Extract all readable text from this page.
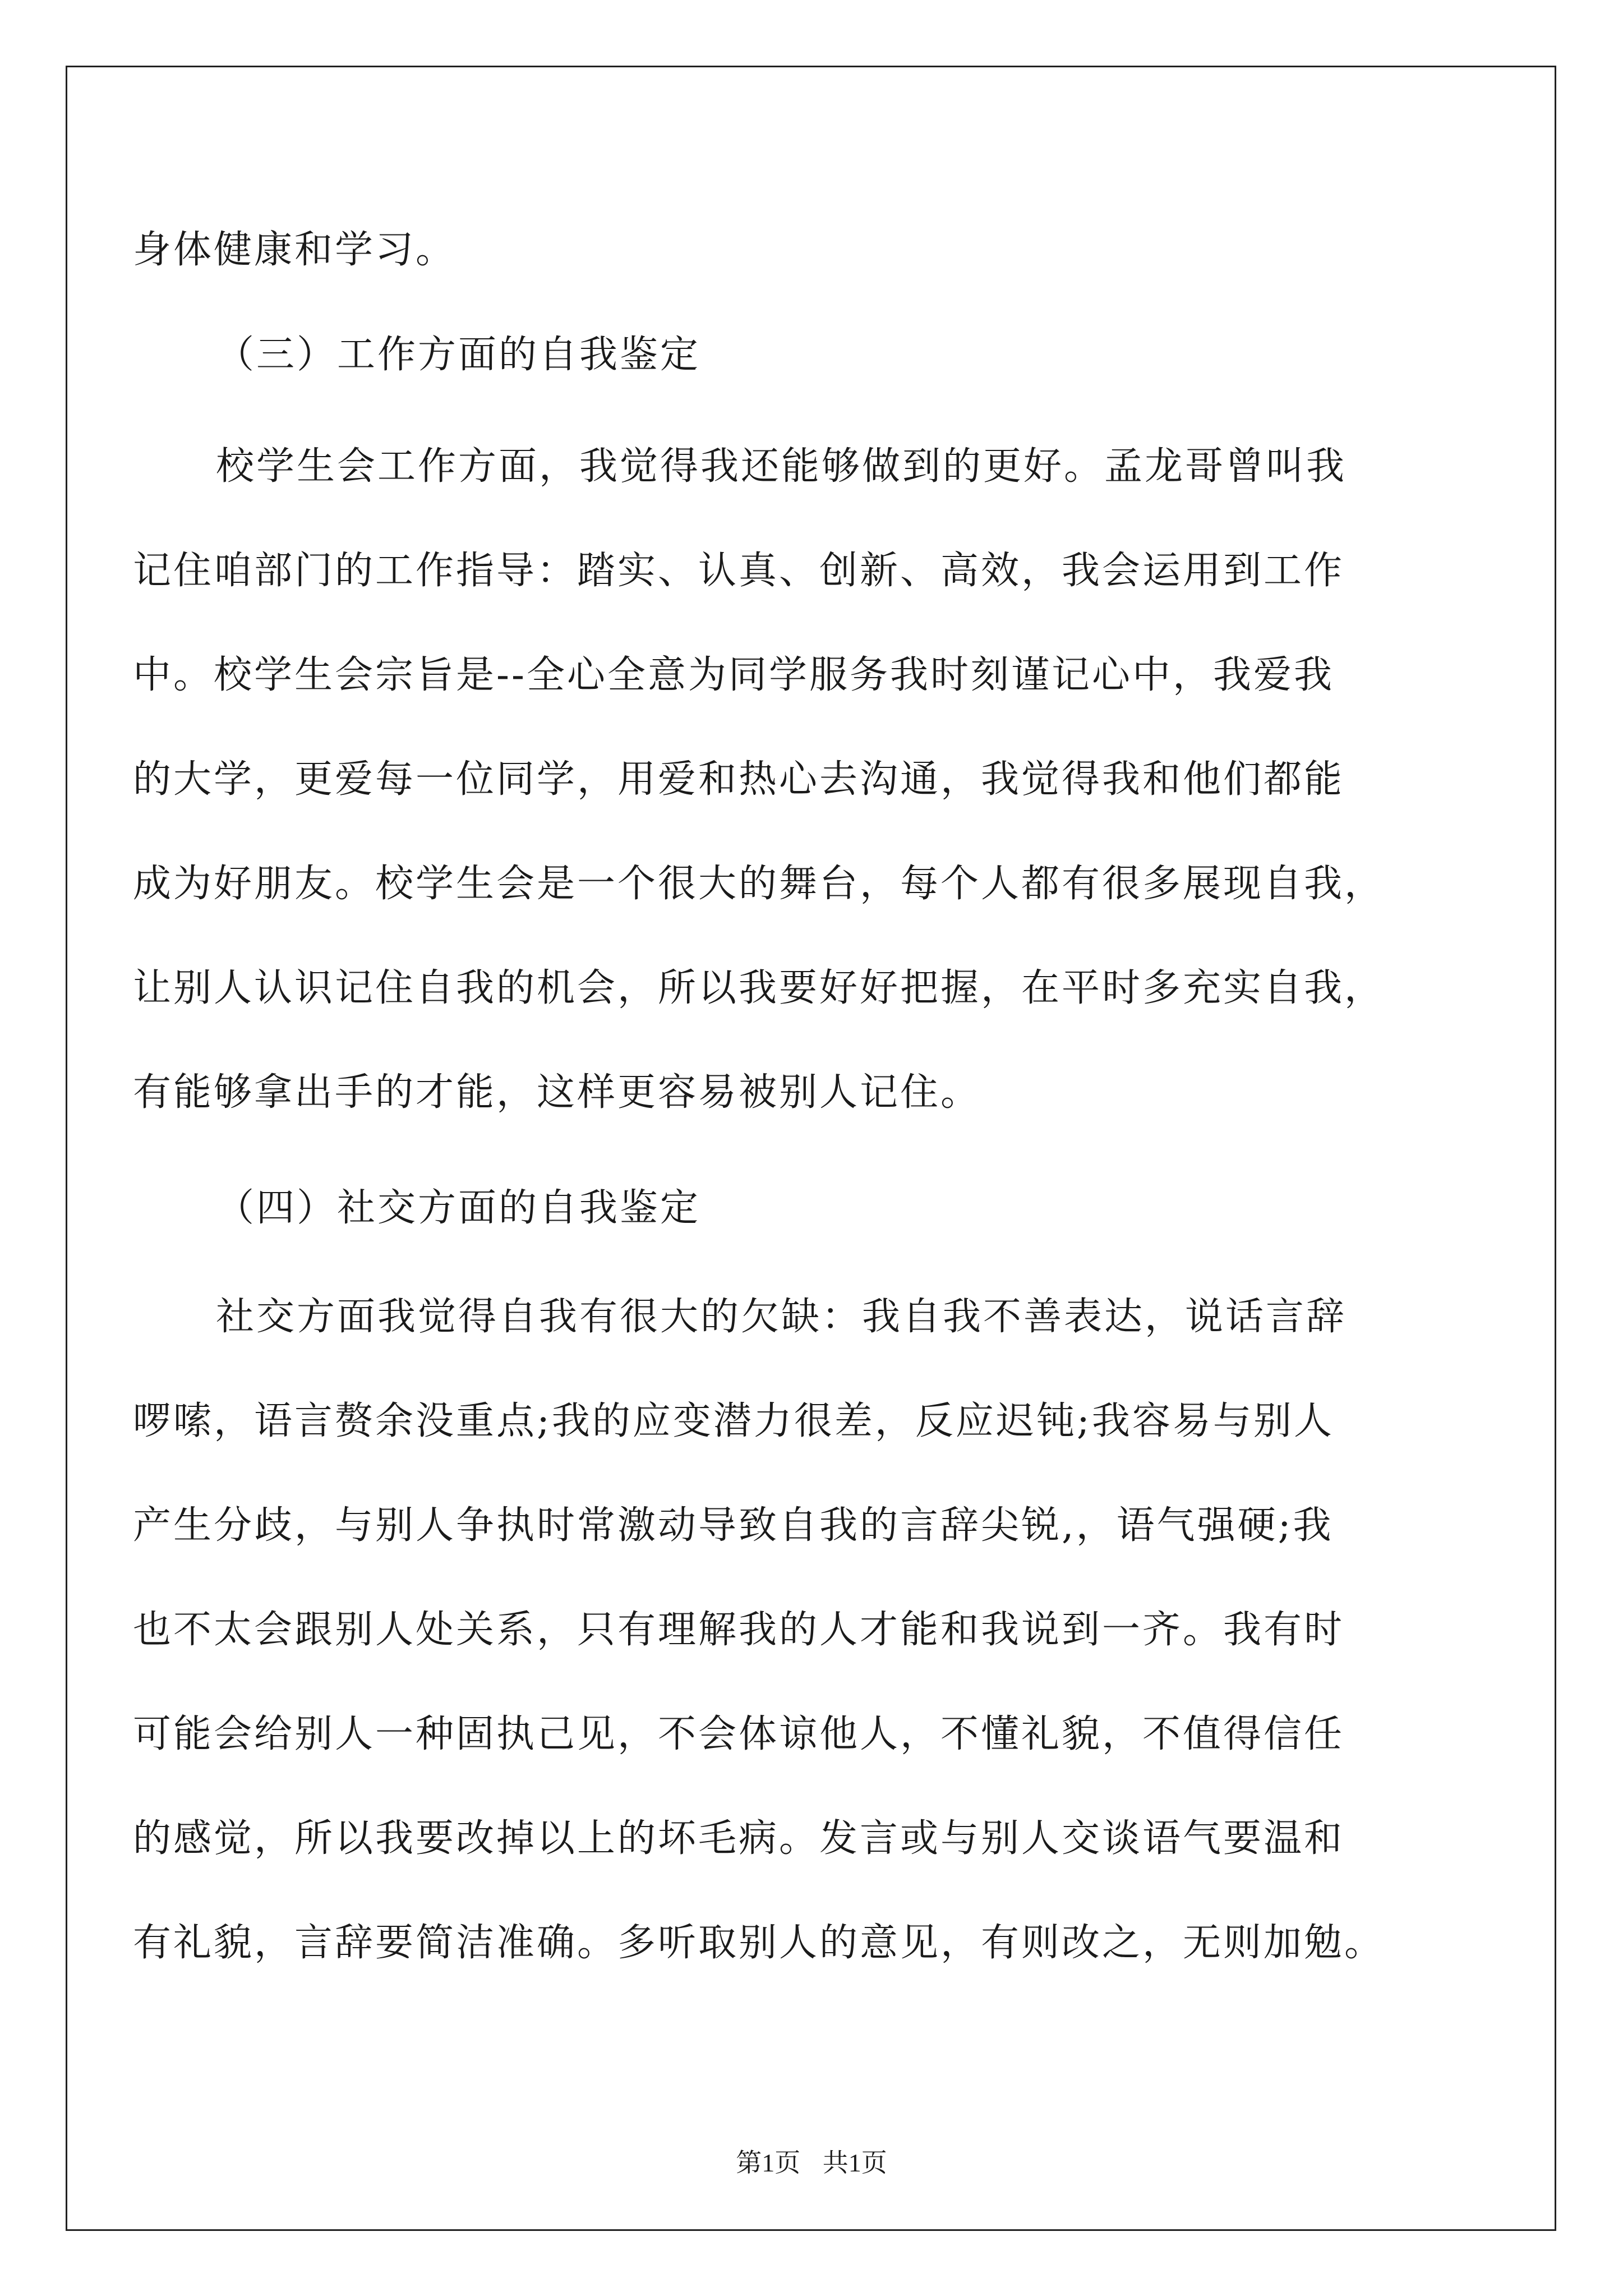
身体健康和学习。
（三）工作方面的自我鉴定
校学生会工作方面，我觉得我还能够做到的更好。孟龙哥曾叫我
记住咱部门的工作指导：踏实、认真、创新、高效，我会运用到工作
中。校学生会宗旨是--全心全意为同学服务我时刻谨记心中，我爱我
的大学，更爱每一位同学，用爱和热心去沟通，我觉得我和他们都能
成为好朋友。校学生会是一个很大的舞台，每个人都有很多展现自我，
让别人认识记住自我的机会，所以我要好好把握，在平时多充实自我，
有能够拿出手的才能，这样更容易被别人记住。
（四）社交方面的自我鉴定
社交方面我觉得自我有很大的欠缺：我自我不善表达，说话言辞
啰嗦，语言赘余没重点;我的应变潜力很差，反应迟钝;我容易与别人
产生分歧，与别人争执时常激动导致自我的言辞尖锐,，语气强硬;我
也不太会跟别人处关系，只有理解我的人才能和我说到一齐。我有时
可能会给别人一种固执己见，不会体谅他人，不懂礼貌，不值得信任
的感觉，所以我要改掉以上的坏毛病。发言或与别人交谈语气要温和
有礼貌，言辞要简洁准确。多听取别人的意见，有则改之，无则加勉。
第1页 共1页
